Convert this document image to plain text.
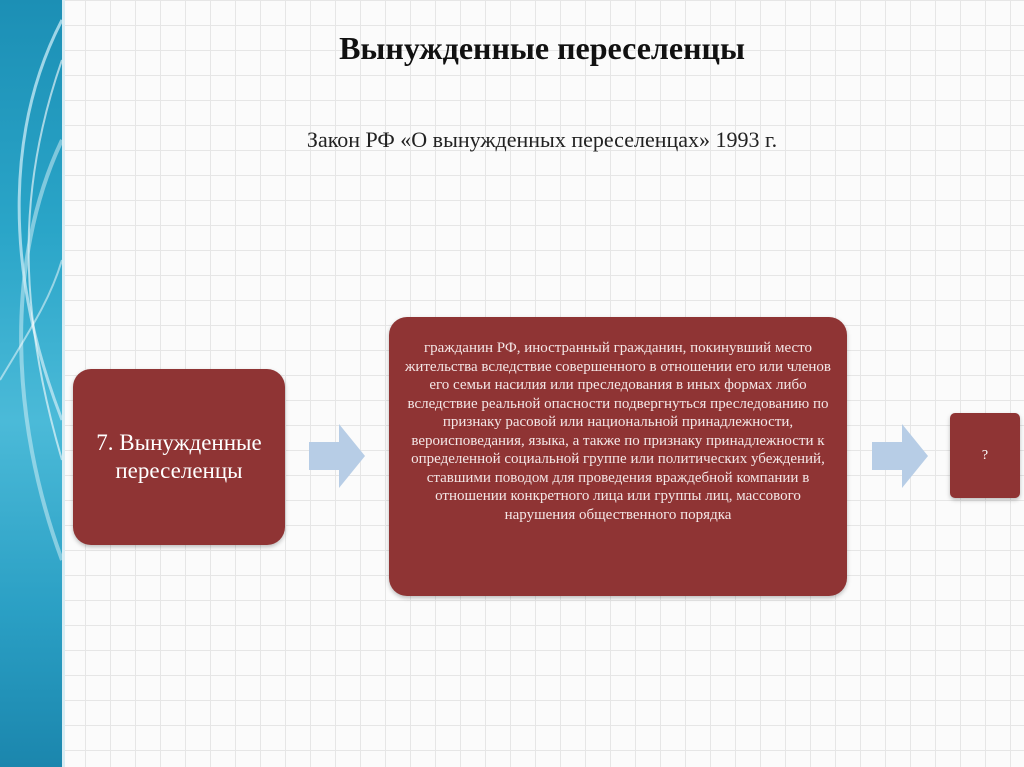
Вынужденные переселенцы

Закон РФ «О вынужденных переселенцах» 1993 г.

7. Вынужденные переселенцы
гражданин РФ, иностранный гражданин, покинувший место жительства вследствие совершенного в отношении его или членов его семьи насилия или преследования в иных формах либо вследствие реальной опасности подвергнуться преследованию по признаку расовой или национальной принадлежности, вероисповедания, языка, а также по признаку принадлежности к определенной социальной группе или политических убеждений, ставшими поводом для проведения враждебной компании в отношении конкретного лица или группы лиц, массового нарушения общественного порядка
?
